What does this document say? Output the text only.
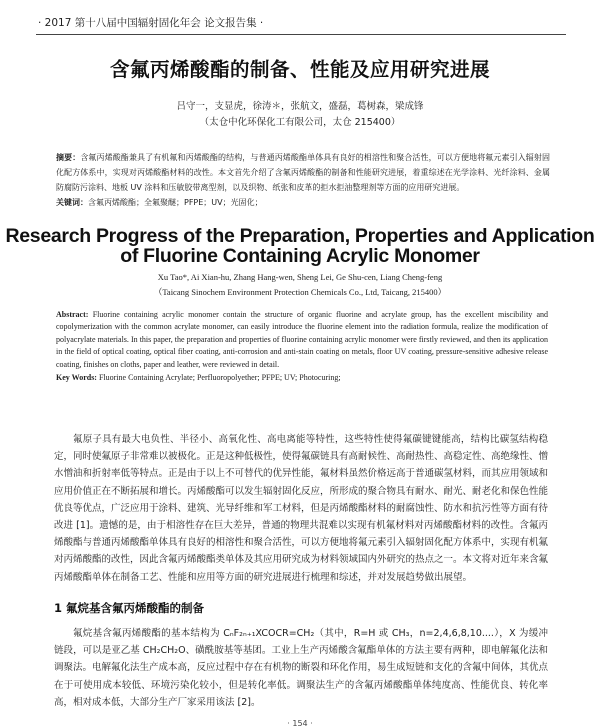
· 2017 第十八届中国辐射固化年会 论文报告集 ·
含氟丙烯酸酯的制备、性能及应用研究进展
吕守一，支显虎，徐涛＊，张航文，盛磊，葛树森，梁成锋
（太仓中化环保化工有限公司，太仓 215400）
摘要：含氟丙烯酸酯兼具了有机氟和丙烯酸酯的结构，与普通丙烯酸酯单体具有良好的相溶性和聚合活性，可以方便地将氟元素引入辐射固化配方体系中，实现对丙烯酸酯材料的改性。本文首先介绍了含氟丙烯酸酯的制备和性能研究进展，着重综述在光学涂料、光纤涂料、金属防腐防污涂料、地板 UV 涂料和压敏胶带离型剂，以及织物、纸张和皮革的拒水拒油整理剂等方面的应用研究进展。
关键词：含氟丙烯酸酯；全氟聚醚；PFPE；UV；光固化；
Research Progress of the Preparation, Properties and Application
of Fluorine Containing Acrylic Monomer
Xu Tao*, Ai Xian-hu, Zhang Hang-wen, Sheng Lei, Ge Shu-cen, Liang Cheng-feng
（Taicang Sinochem Environment Protection Chemicals Co., Ltd, Taicang, 215400）
Abstract: Fluorine containing acrylic monomer contain the structure of organic fluorine and acrylate group, has the excellent miscibility and copolymerization with the common acrylate monomer, can easily introduce the fluorine element into the radiation formula, realize the modification of polyacrylate materials. In this paper, the preparation and properties of fluorine containing acrylic monomer were firstly reviewed, and then its application in the field of optical coating, optical fiber coating, anti-corrosion and anti-stain coating on metals, floor UV coating, pressure-sensitive adhesive release coating, finishes on cloths, paper and leather, were reviewed in detail.
Key Words: Fluorine Containing Acrylate; Perfluoropolyether; PFPE; UV; Photocuring;
氟原子具有最大电负性、半径小、高氧化性、高电离能等特性，这些特性使得氟碳键键能高，结构比碳氢结构稳定，同时使氟原子非常难以被极化。正是这种低极性，使得氟碳链具有高耐候性、高耐热性、高稳定性、高绝缘性、憎水憎油和折射率低等特点。正是由于以上不可替代的优异性能，氟材料虽然价格远高于普通碳氢材料，而其应用领域和应用价值正在不断拓展和增长。丙烯酸酯可以发生辐射固化反应，所形成的聚合物具有耐水、耐光、耐老化和保色性能优良等优点，广泛应用于涂料、建筑、光导纤维和军工材料，但是丙烯酸酯材料的耐腐蚀性、防水和抗污性等方面有待改进 [1]。遗憾的是，由于相溶性存在巨大差异，普通的物理共混难以实现有机氟材料对丙烯酸酯材料的改性。含氟丙烯酸酯与普通丙烯酸酯单体具有良好的相溶性和聚合活性，可以方便地将氟元素引入辐射固化配方体系中，实现有机氟对丙烯酸酯的改性，因此含氟丙烯酸酯类单体及其应用研究成为材料领域国内外研究的热点之一。本文将对近年来含氟丙烯酸酯单体在制备工艺、性能和应用等方面的研究进展进行梳理和综述，并对发展趋势做出展望。
1 氟烷基含氟丙烯酸酯的制备
氟烷基含氟丙烯酸酯的基本结构为 CₙF₂ₙ₊₁XCOCR=CH₂（其中，R=H 或 CH₃，n=2,4,6,8,10....），X 为缓冲链段，可以是亚乙基 CH₂CH₂O、磺酰胺基等基团。工业上生产丙烯酸含氟酯单体的方法主要有两种，即电解氟化法和调聚法。电解氟化法生产成本高，反应过程中存在有机物的断裂和环化作用，易生成短链和支化的含氟中间体，其优点在于可使用成本较低、环境污染化较小，但是转化率低。调聚法生产的含氟丙烯酸酯单体纯度高、性能优良、转化率高，相对成本低，大部分生产厂家采用该法 [2]。
· 154 ·
